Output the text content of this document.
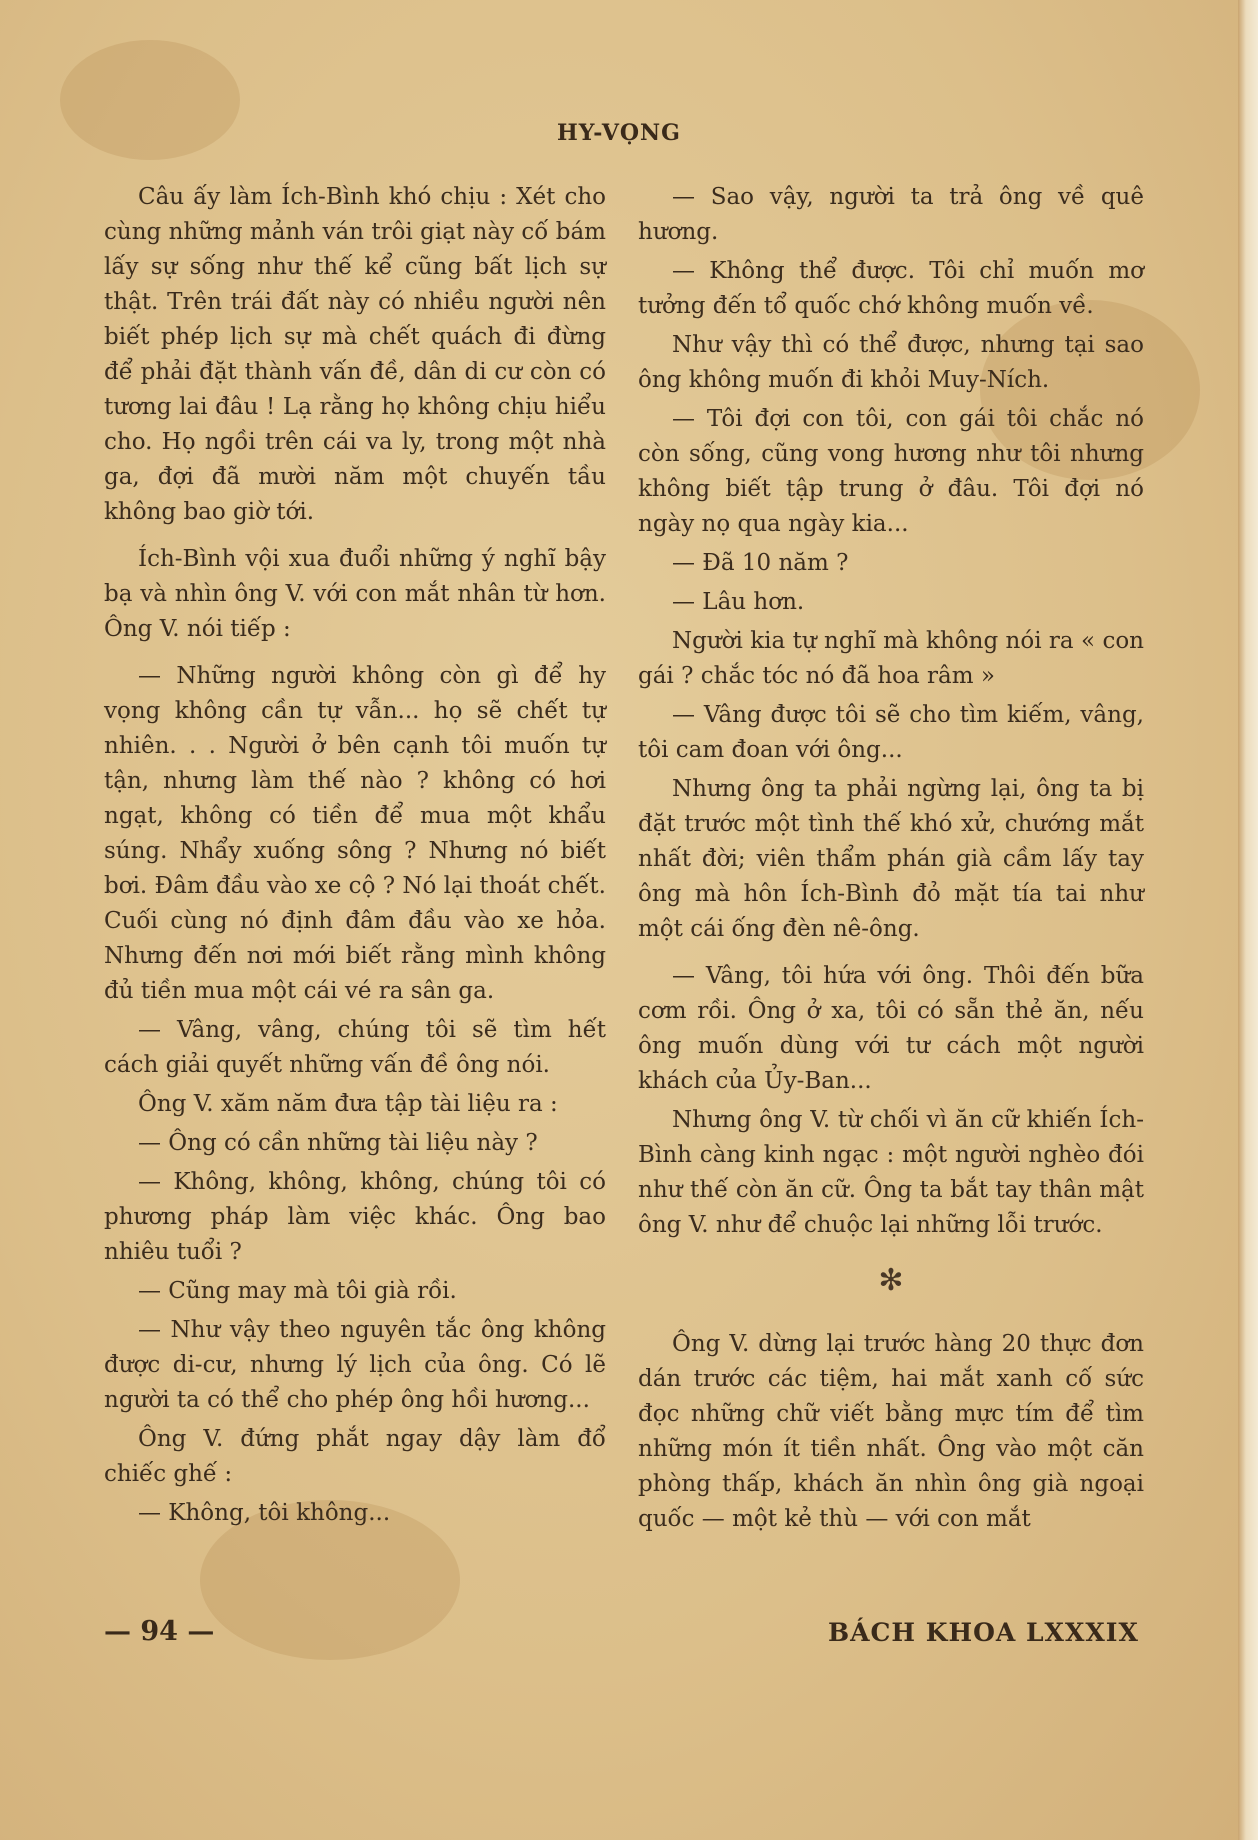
HY-VỌNG

Câu ấy làm Ích-Bình khó chịu : Xét cho cùng những mảnh ván trôi giạt này cố bám lấy sự sống như thế kể cũng bất lịch sự thật. Trên trái đất này có nhiều người nên biết phép lịch sự mà chết quách đi đừng để phải đặt thành vấn đề, dân di cư còn có tương lai đâu ! Lạ rằng họ không chịu hiểu cho. Họ ngồi trên cái va ly, trong một nhà ga, đợi đã mười năm một chuyến tầu không bao giờ tới.

Ích-Bình vội xua đuổi những ý nghĩ bậy bạ và nhìn ông V. với con mắt nhân từ hơn. Ông V. nói tiếp :

— Những người không còn gì để hy vọng không cần tự vẫn... họ sẽ chết tự nhiên. . . Người ở bên cạnh tôi muốn tự tận, nhưng làm thế nào ? không có hơi ngạt, không có tiền để mua một khẩu súng. Nhẩy xuống sông ? Nhưng nó biết bơi. Đâm đầu vào xe cộ ? Nó lại thoát chết. Cuối cùng nó định đâm đầu vào xe hỏa. Nhưng đến nơi mới biết rằng mình không đủ tiền mua một cái vé ra sân ga.

— Vâng, vâng, chúng tôi sẽ tìm hết cách giải quyết những vấn đề ông nói.

Ông V. xăm năm đưa tập tài liệu ra :

— Ông có cần những tài liệu này ?

— Không, không, không, chúng tôi có phương pháp làm việc khác. Ông bao nhiêu tuổi ?

— Cũng may mà tôi già rồi.

— Như vậy theo nguyên tắc ông không được di-cư, nhưng lý lịch của ông. Có lẽ người ta có thể cho phép ông hồi hương...

Ông V. đứng phắt ngay dậy làm đổ chiếc ghế :

— Không, tôi không...

— Sao vậy, người ta trả ông về quê hương.

— Không thể được. Tôi chỉ muốn mơ tưởng đến tổ quốc chớ không muốn về.

Như vậy thì có thể được, nhưng tại sao ông không muốn đi khỏi Muy-Ních.

— Tôi đợi con tôi, con gái tôi chắc nó còn sống, cũng vong hương như tôi nhưng không biết tập trung ở đâu. Tôi đợi nó ngày nọ qua ngày kia...

— Đã 10 năm ?

— Lâu hơn.

Người kia tự nghĩ mà không nói ra « con gái ? chắc tóc nó đã hoa râm »

— Vâng được tôi sẽ cho tìm kiếm, vâng, tôi cam đoan với ông...

Nhưng ông ta phải ngừng lại, ông ta bị đặt trước một tình thế khó xử, chướng mắt nhất đời; viên thẩm phán già cầm lấy tay ông mà hôn Ích-Bình đỏ mặt tía tai như một cái ống đèn nê-ông.

— Vâng, tôi hứa với ông. Thôi đến bữa cơm rồi. Ông ở xa, tôi có sẵn thẻ ăn, nếu ông muốn dùng với tư cách một người khách của Ủy-Ban...

Nhưng ông V. từ chối vì ăn cữ khiến Ích-Bình càng kinh ngạc : một người nghèo đói như thế còn ăn cữ. Ông ta bắt tay thân mật ông V. như để chuộc lại những lỗi trước.

✻

Ông V. dừng lại trước hàng 20 thực đơn dán trước các tiệm, hai mắt xanh cố sức đọc những chữ viết bằng mực tím để tìm những món ít tiền nhất. Ông vào một căn phòng thấp, khách ăn nhìn ông già ngoại quốc — một kẻ thù — với con mắt

— 94 —	BÁCH KHOA LXXXIX
